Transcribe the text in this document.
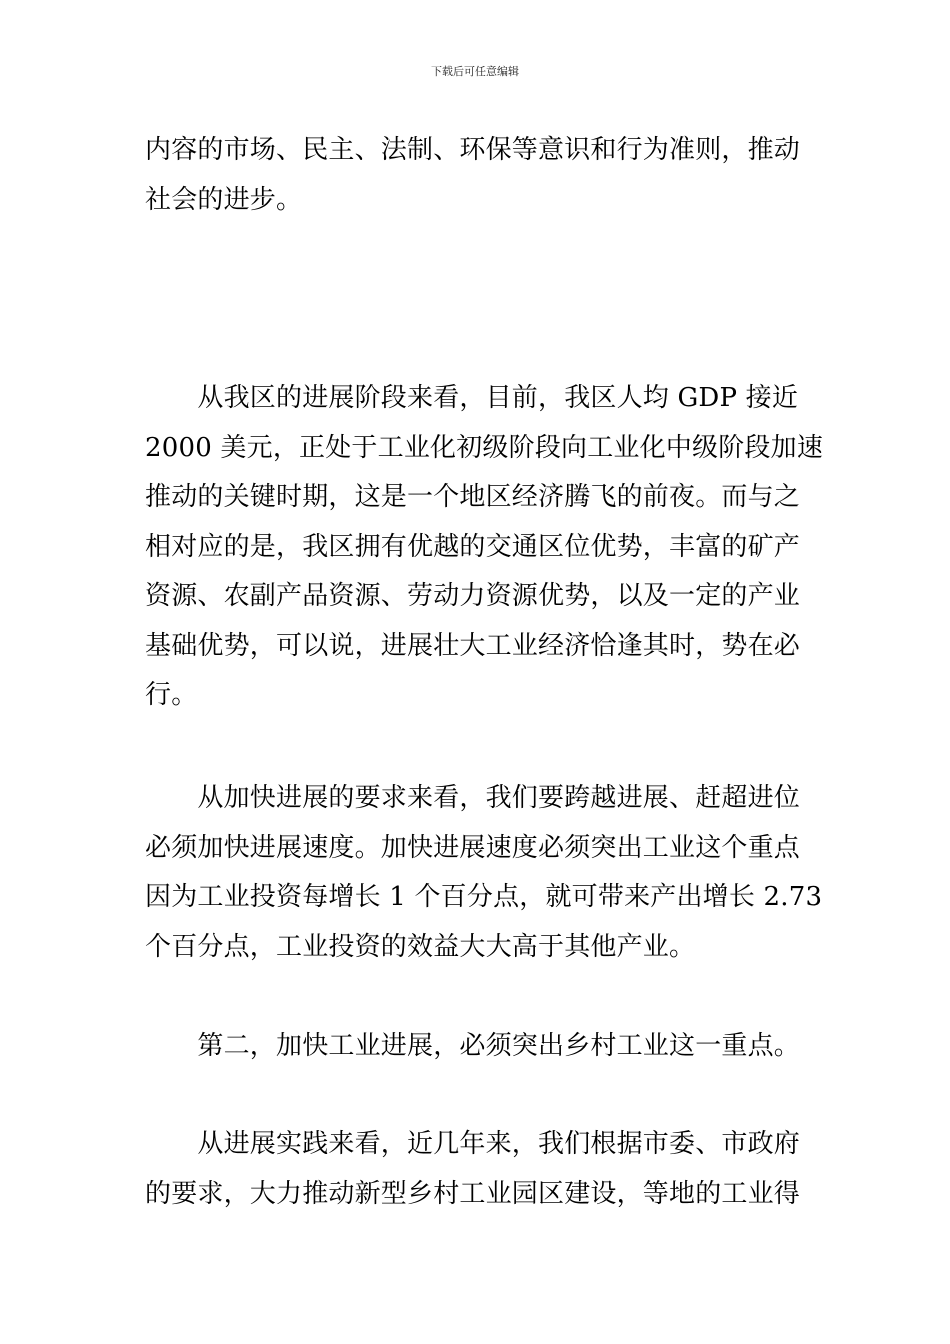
下载后可任意编辑
内容的市场、民主、法制、环保等意识和行为准则，推动
社会的进步。
　　从我区的进展阶段来看，目前，我区人均 GDP 接近
2000 美元，正处于工业化初级阶段向工业化中级阶段加速
推动的关键时期，这是一个地区经济腾飞的前夜。而与之
相对应的是，我区拥有优越的交通区位优势，丰富的矿产
资源、农副产品资源、劳动力资源优势，以及一定的产业
基础优势，可以说，进展壮大工业经济恰逢其时，势在必
行。
　　从加快进展的要求来看，我们要跨越进展、赶超进位
必须加快进展速度。加快进展速度必须突出工业这个重点
因为工业投资每增长 1 个百分点，就可带来产出增长 2.73
个百分点，工业投资的效益大大高于其他产业。
　　第二，加快工业进展，必须突出乡村工业这一重点。
　　从进展实践来看，近几年来，我们根据市委、市政府
的要求，大力推动新型乡村工业园区建设，等地的工业得
